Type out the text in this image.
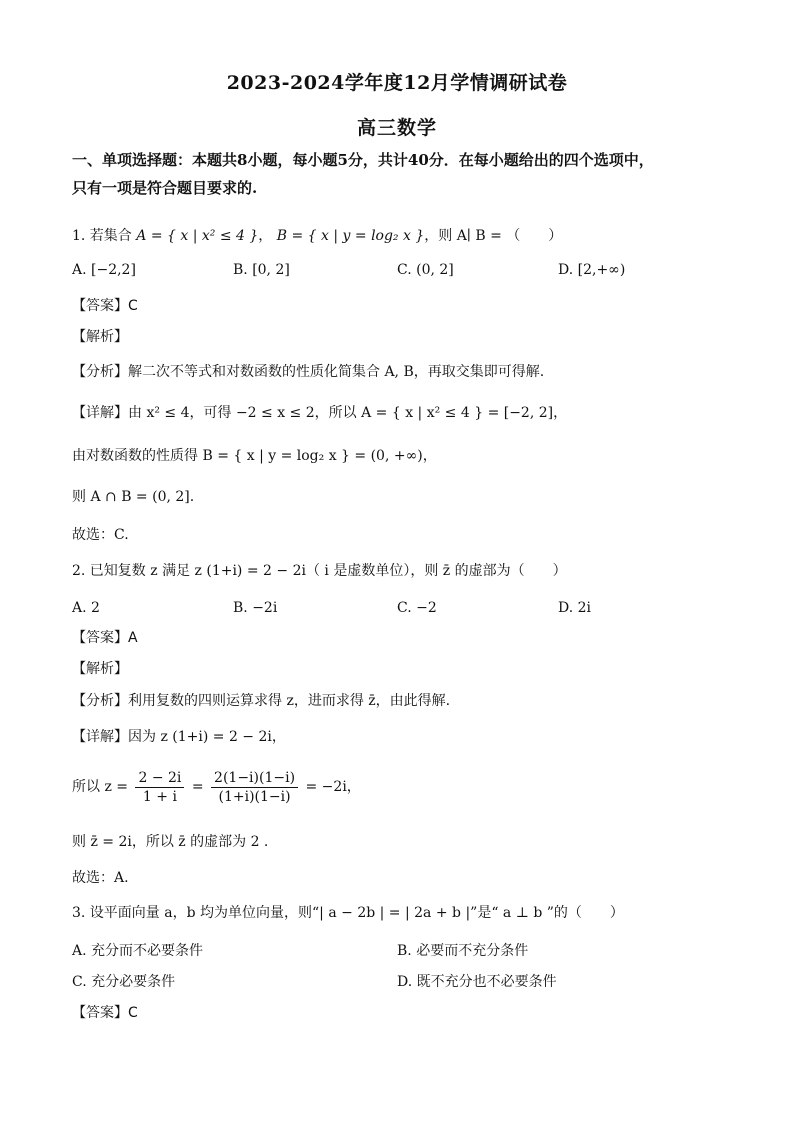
2023-2024学年度12月学情调研试卷
高三数学
一、单项选择题：本题共8小题，每小题5分，共计40分．在每小题给出的四个选项中，
只有一项是符合题目要求的.
1. 若集合 A = { x | x² ≤ 4 }， B = { x | y = log₂ x }，则 A∣ B = （　　）
A. [−2,2]	B. [0, 2]	C. (0, 2]	D. [2,+∞)
【答案】C
【解析】
【分析】解二次不等式和对数函数的性质化简集合 A, B，再取交集即可得解.
【详解】由 x² ≤ 4，可得 −2 ≤ x ≤ 2，所以 A = { x | x² ≤ 4 } = [−2, 2]，
由对数函数的性质得 B = { x | y = log₂ x } = (0, +∞)，
则 A ∩ B = (0, 2].
故选：C.
2. 已知复数 z 满足 z (1+i) = 2 − 2i（ i 是虚数单位），则 z̄ 的虚部为（　　）
A. 2	B. −2i	C. −2	D. 2i
【答案】A
【解析】
【分析】利用复数的四则运算求得 z，进而求得 z̄，由此得解.
【详解】因为 z (1+i) = 2 − 2i，
所以 $z = \frac{2 - 2i}{1 + i} = \frac{2(1-i)(1-i)}{(1+i)(1-i)} = -2i$，
则 z̄ = 2i，所以 z̄ 的虚部为 2 .
故选：A.
3. 设平面向量 a，b 均为单位向量，则“| a − 2b | = | 2a + b |”是“ a ⊥ b ”的（　　）
A. 充分而不必要条件	B. 必要而不充分条件
C. 充分必要条件	D. 既不充分也不必要条件
【答案】C
